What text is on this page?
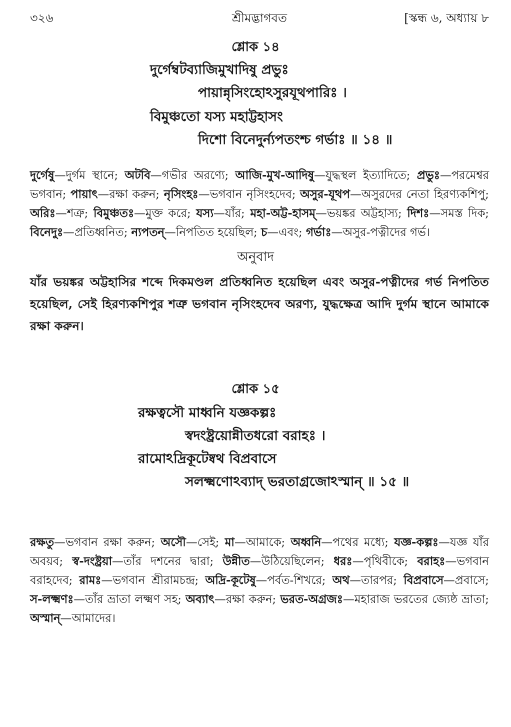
৩২৬	শ্রীমদ্ভাগবত	[স্কন্ধ ৬, অধ্যায় ৮
শ্লোক ১৪
দুর্গেম্বটব্যাজিমুখাদিষু প্রভুঃ
পায়ান্নৃসিংহোঽসুরযূথপারিঃ ।
বিমুঞ্চতো যস্য মহাট্টহাসং
দিশো বিনেদুর্ন্যপতংশ্চ গর্ভাঃ ॥ ১৪ ॥
দুর্গেষু—দুর্গম স্থানে; অটবি—গভীর অরণ্যে; আজি-মুখ-আদিষু—যুদ্ধস্থল ইত্যাদিতে; প্রভুঃ—পরমেশ্বর ভগবান; পায়াৎ—রক্ষা করুন; নৃসিংহঃ—ভগবান নৃসিংহদেব; অসুর-যূথপ—অসুরদের নেতা হিরণ্যকশিপু; অরিঃ—শত্রু; বিমুঞ্চতঃ—মুক্ত করে; যস্য—যাঁর; মহা-অট্ট-হাসম্—ভয়ঙ্কর অট্টহাস্য; দিশঃ—সমস্ত দিক; বিনেদুঃ—প্রতিধ্বনিত; ন্যপতন্—নিপতিত হয়েছিল; চ—এবং; গর্ভাঃ—অসুর-পত্নীদের গর্ভ।
অনুবাদ
যাঁর ভয়ঙ্কর অট্টহাসির শব্দে দিকমণ্ডল প্রতিধ্বনিত হয়েছিল এবং অসুর-পত্নীদের গর্ভ নিপতিত হয়েছিল, সেই হিরণ্যকশিপুর শত্রু ভগবান নৃসিংহদেব অরণ্য, যুদ্ধক্ষেত্র আদি দুর্গম স্থানে আমাকে রক্ষা করুন।
শ্লোক ১৫
রক্ষত্বসৌ মাধ্বনি যজ্ঞকল্পঃ
স্বদংষ্ট্রয়োন্নীতধরো বরাহঃ ।
রামোঽদ্রিকূটেষ্বথ বিপ্রবাসে
সলক্ষ্মণোঽব্যাদ্ ভরতাগ্রজোঽস্মান্ ॥ ১৫ ॥
রক্ষতু—ভগবান রক্ষা করুন; অসৌ—সেই; মা—আমাকে; অধ্বনি—পথের মধ্যে; যজ্ঞ-কল্পঃ—যজ্ঞ যাঁর অবয়ব; স্ব-দংষ্ট্রয়া—তাঁর দশনের দ্বারা; উন্নীত—উঠিয়েছিলেন; ধরঃ—পৃথিবীকে; বরাহঃ—ভগবান বরাহদেব; রামঃ—ভগবান শ্রীরামচন্দ্র; অদ্রি-কূটেষু—পর্বত-শিখরে; অথ—তারপর; বিপ্রবাসে—প্রবাসে; স-লক্ষ্মণঃ—তাঁর ভ্রাতা লক্ষ্মণ সহ; অব্যাৎ—রক্ষা করুন; ভরত-অগ্রজঃ—মহারাজ ভরতের জ্যেষ্ঠ ভ্রাতা; অস্মান্—আমাদের।
